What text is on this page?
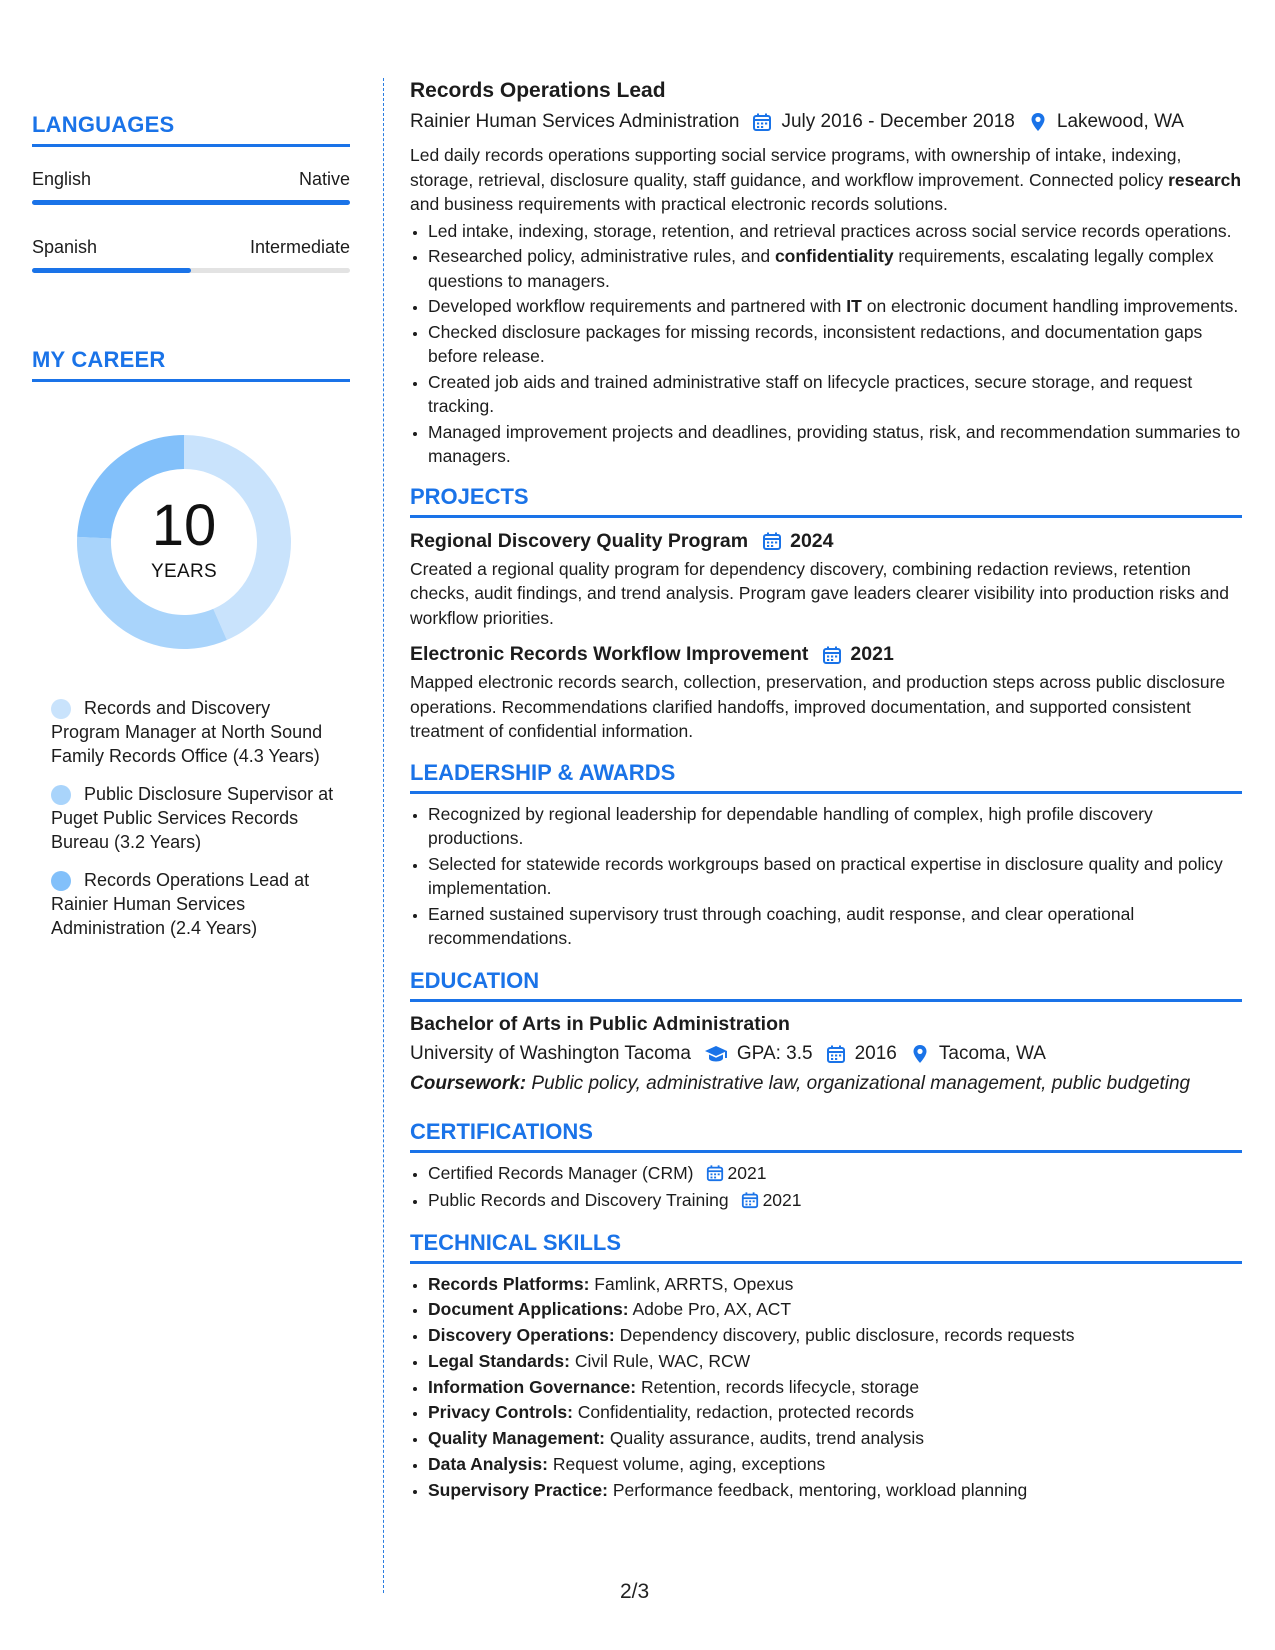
LANGUAGES
English	Native
Spanish	Intermediate
MY CAREER
10
YEARS
Records and Discovery Program Manager at North Sound Family Records Office (4.3 Years)
Public Disclosure Supervisor at Puget Public Services Records Bureau (3.2 Years)
Records Operations Lead at Rainier Human Services Administration (2.4 Years)
Records Operations Lead
Rainier Human Services Administration July 2016 - December 2018 Lakewood, WA

Led daily records operations supporting social service programs, with ownership of intake, indexing, storage, retrieval, disclosure quality, staff guidance, and workflow improvement. Connected policy research and business requirements with practical electronic records solutions.

• Led intake, indexing, storage, retention, and retrieval practices across social service records operations.
• Researched policy, administrative rules, and confidentiality requirements, escalating legally complex questions to managers.
• Developed workflow requirements and partnered with IT on electronic document handling improvements.
• Checked disclosure packages for missing records, inconsistent redactions, and documentation gaps before release.
• Created job aids and trained administrative staff on lifecycle practices, secure storage, and request tracking.
• Managed improvement projects and deadlines, providing status, risk, and recommendation summaries to managers.
PROJECTS
Regional Discovery Quality Program 2024

Created a regional quality program for dependency discovery, combining redaction reviews, retention checks, audit findings, and trend analysis. Program gave leaders clearer visibility into production risks and workflow priorities.

Electronic Records Workflow Improvement 2021

Mapped electronic records search, collection, preservation, and production steps across public disclosure operations. Recommendations clarified handoffs, improved documentation, and supported consistent treatment of confidential information.

LEADERSHIP & AWARDS
• Recognized by regional leadership for dependable handling of complex, high profile discovery productions.
• Selected for statewide records workgroups based on practical expertise in disclosure quality and policy implementation.
• Earned sustained supervisory trust through coaching, audit response, and clear operational recommendations.
EDUCATION
Bachelor of Arts in Public Administration
University of Washington Tacoma GPA: 3.5 2016 Tacoma, WA

Coursework: Public policy, administrative law, organizational management, public budgeting

CERTIFICATIONS
• Certified Records Manager (CRM) 2021
• Public Records and Discovery Training 2021
TECHNICAL SKILLS
• Records Platforms: Famlink, ARRTS, Opexus
• Document Applications: Adobe Pro, AX, ACT
• Discovery Operations: Dependency discovery, public disclosure, records requests
• Legal Standards: Civil Rule, WAC, RCW
• Information Governance: Retention, records lifecycle, storage
• Privacy Controls: Confidentiality, redaction, protected records
• Quality Management: Quality assurance, audits, trend analysis
• Data Analysis: Request volume, aging, exceptions
• Supervisory Practice: Performance feedback, mentoring, workload planning
2/3
